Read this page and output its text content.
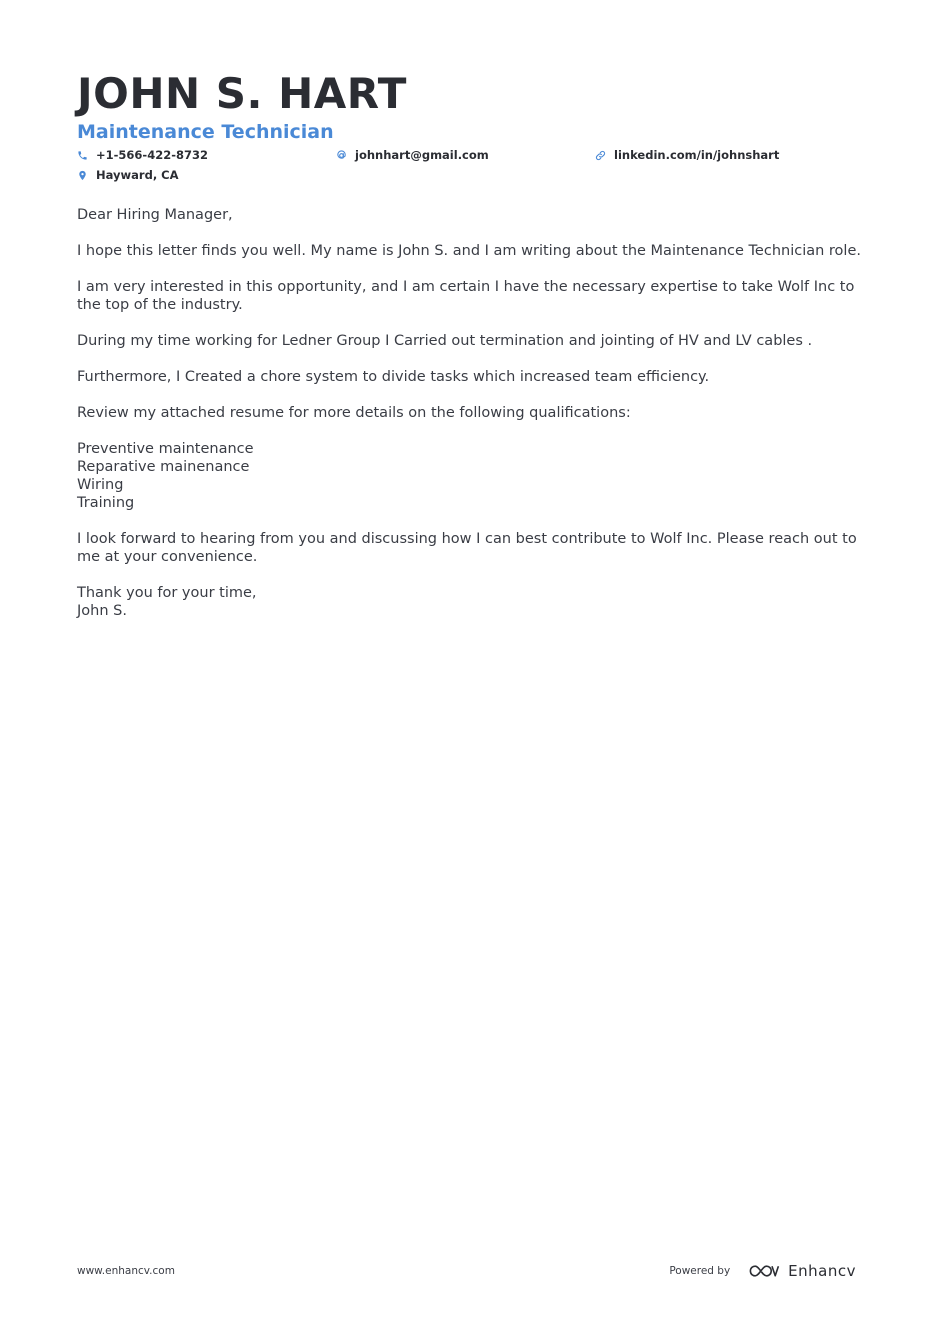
JOHN S. HART
Maintenance Technician
+1-566-422-8732	johnhart@gmail.com	linkedin.com/in/johnshart
Hayward, CA

Dear Hiring Manager,

I hope this letter finds you well. My name is John S. and I am writing about the Maintenance Technician role.

I am very interested in this opportunity, and I am certain I have the necessary expertise to take Wolf Inc to the top of the industry.

During my time working for Ledner Group I Carried out termination and jointing of HV and LV cables .

Furthermore, I Created a chore system to divide tasks which increased team efficiency.

Review my attached resume for more details on the following qualifications:

Preventive maintenance
Reparative mainenance
Wiring
Training

I look forward to hearing from you and discussing how I can best contribute to Wolf Inc. Please reach out to me at your convenience.

Thank you for your time,
John S.
www.enhancv.com	Powered by	Enhancv
